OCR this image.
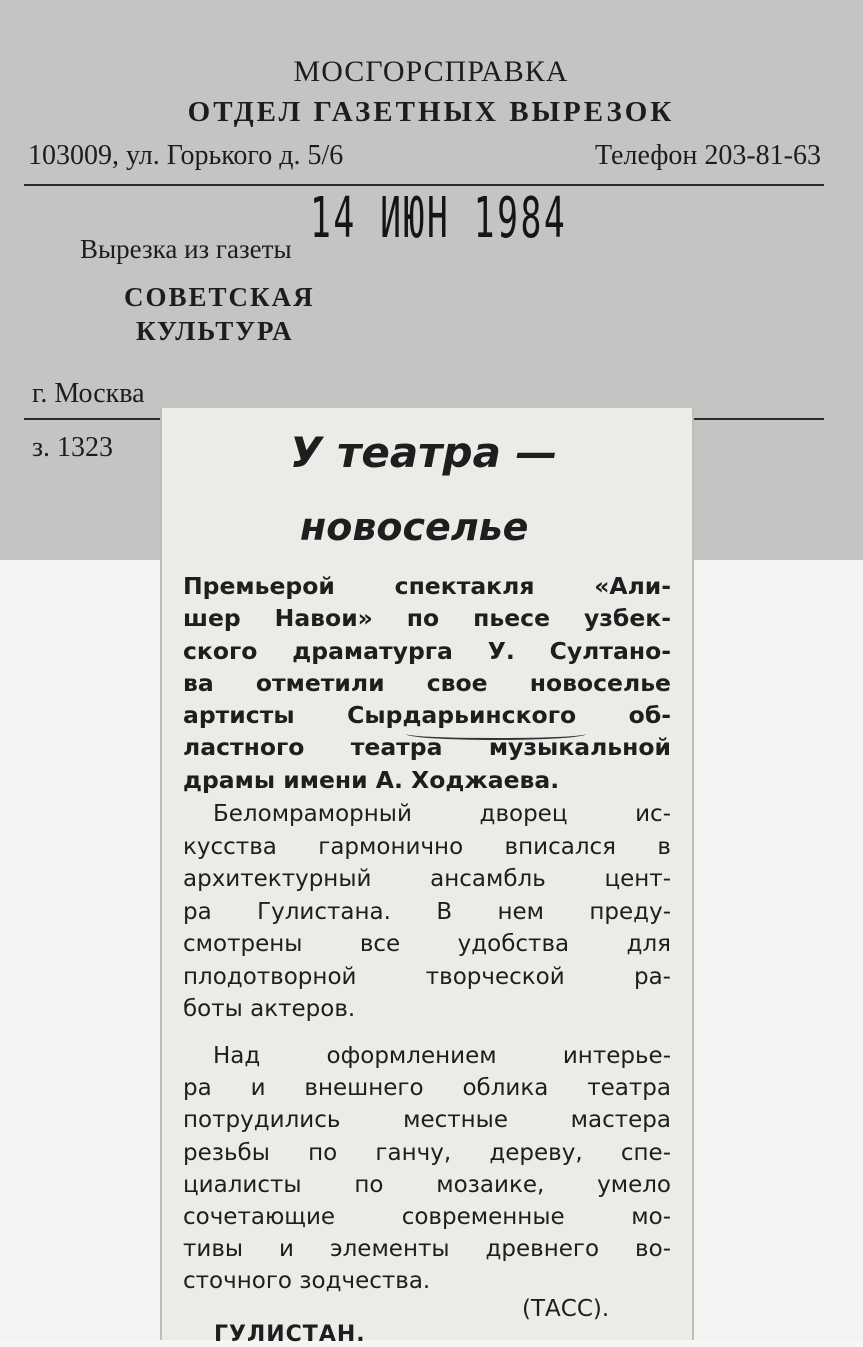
МОСГОРСПРАВКА
ОТДЕЛ ГАЗЕТНЫХ ВЫРЕЗОК
103009, ул. Горького д. 5/6	Телефон 203-81-63
14 ИЮН 1984
Вырезка из газеты
СОВЕТСКАЯ
КУЛЬТУРА
г. Москва
з. 1323	У театра —
новоселье
Премьерой спектакля «Али-
шер Навои» по пьесе узбек-
ского драматурга У. Султано-
ва отметили свое новоселье
артисты Сырдарьинского об-
ластного театра музыкальной
драмы имени А. Ходжаева.
Беломраморный дворец ис-
кусства гармонично вписался в
архитектурный ансамбль цент-
ра Гулистана. В нем преду-
смотрены все удобства для
плодотворной творческой ра-
боты актеров.
Над оформлением интерье-
ра и внешнего облика театра
потрудились местные мастера
резьбы по ганчу, дереву, спе-
циалисты по мозаике, умело
сочетающие современные мо-
тивы и элементы древнего во-
сточного зодчества.
(ТАСС).
ГУЛИСТАН.
